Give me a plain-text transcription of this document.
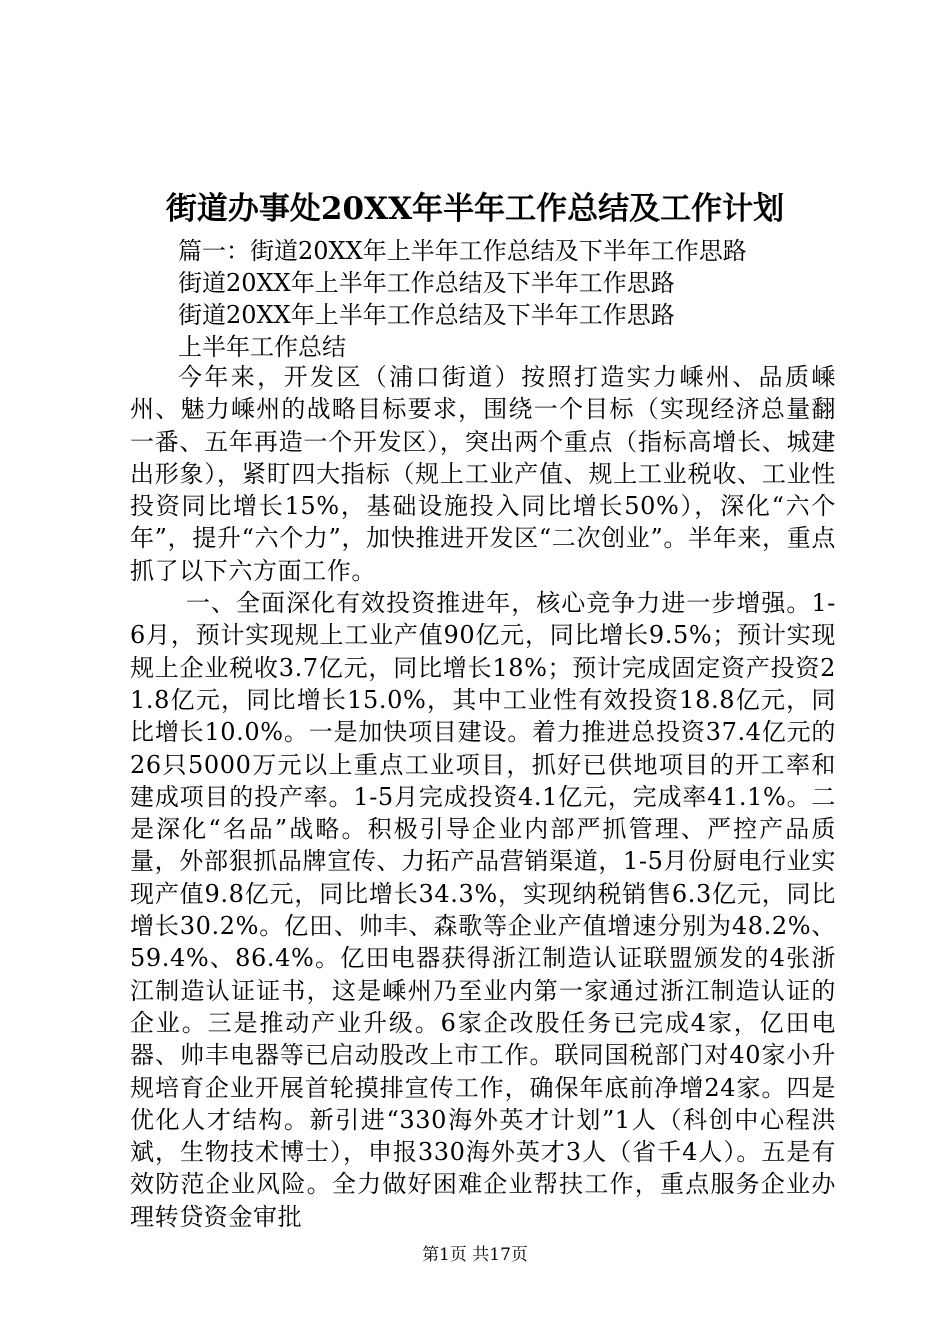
街道办事处20XX年半年工作总结及工作计划
篇一：街道20XX年上半年工作总结及下半年工作思路
街道20XX年上半年工作总结及下半年工作思路
街道20XX年上半年工作总结及下半年工作思路
上半年工作总结

今年来，开发区（浦口街道）按照打造实力嵊州、品质嵊州、魅力嵊州的战略目标要求，围绕一个目标（实现经济总量翻一番、五年再造一个开发区），突出两个重点（指标高增长、城建出形象），紧盯四大指标（规上工业产值、规上工业税收、工业性投资同比增长15%，基础设施投入同比增长50%），深化“六个年”，提升“六个力”，加快推进开发区“二次创业”。半年来，重点抓了以下六方面工作。

一、全面深化有效投资推进年，核心竞争力进一步增强。1-6月，预计实现规上工业产值90亿元，同比增长9.5%；预计实现规上企业税收3.7亿元，同比增长18%；预计完成固定资产投资21.8亿元，同比增长15.0%，其中工业性有效投资18.8亿元，同比增长10.0%。一是加快项目建设。着力推进总投资37.4亿元的26只5000万元以上重点工业项目，抓好已供地项目的开工率和建成项目的投产率。1-5月完成投资4.1亿元，完成率41.1%。二是深化“名品”战略。积极引导企业内部严抓管理、严控产品质量，外部狠抓品牌宣传、力拓产品营销渠道，1-5月份厨电行业实现产值9.8亿元，同比增长34.3%，实现纳税销售6.3亿元，同比增长30.2%。亿田、帅丰、森歌等企业产值增速分别为48.2%、59.4%、86.4%。亿田电器获得浙江制造认证联盟颁发的4张浙江制造认证证书，这是嵊州乃至业内第一家通过浙江制造认证的企业。三是推动产业升级。6家企改股任务已完成4家，亿田电器、帅丰电器等已启动股改上市工作。联同国税部门对40家小升规培育企业开展首轮摸排宣传工作，确保年底前净增24家。四是优化人才结构。新引进“330海外英才计划”1人（科创中心程洪斌，生物技术博士），申报330海外英才3人（省千4人）。五是有效防范企业风险。全力做好困难企业帮扶工作，重点服务企业办理转贷资金审批

第1页 共17页
